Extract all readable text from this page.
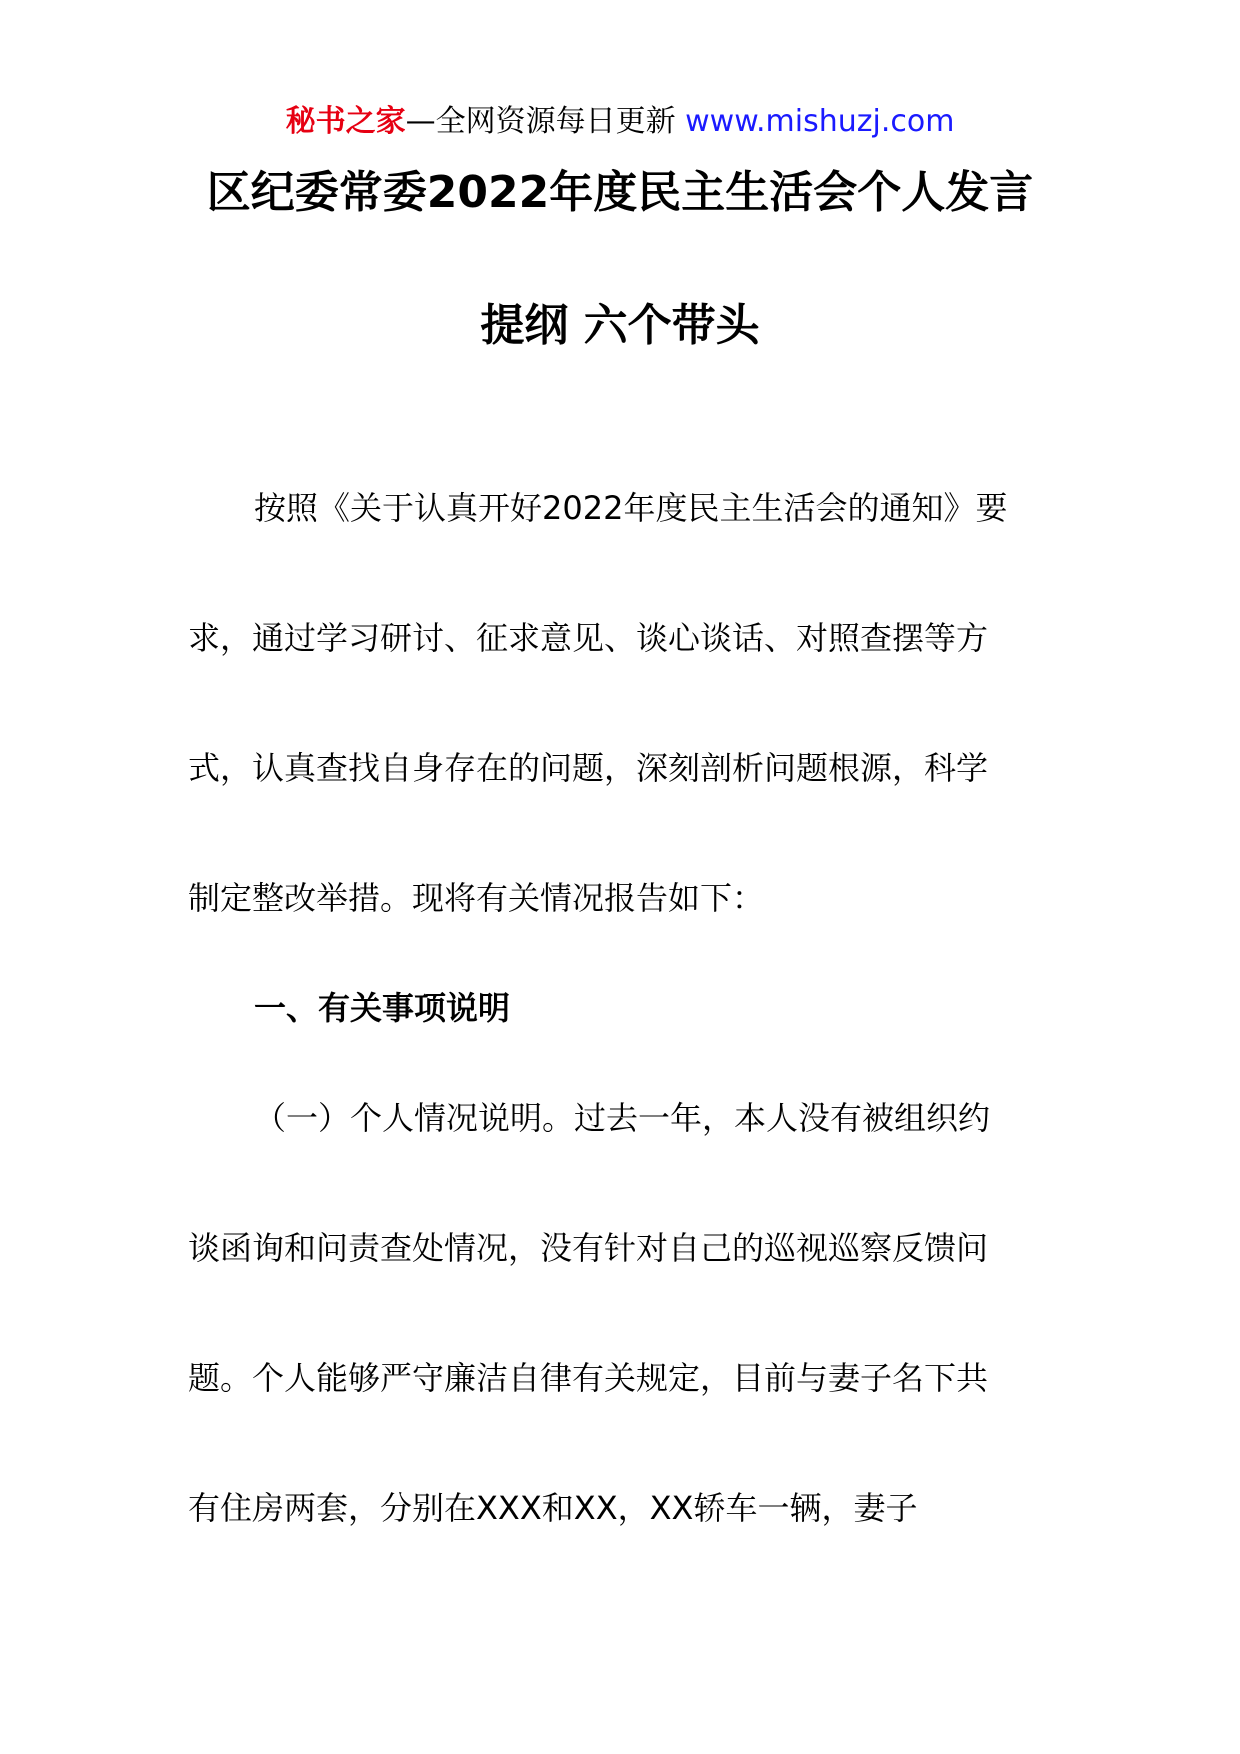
秘书之家—全网资源每日更新 www.mishuzj.com
区纪委常委2022年度民主生活会个人发言
提纲 六个带头
按照《关于认真开好2022年度民主生活会的通知》要
求，通过学习研讨、征求意见、谈心谈话、对照查摆等方
式，认真查找自身存在的问题，深刻剖析问题根源，科学
制定整改举措。现将有关情况报告如下：
一、有关事项说明
（一）个人情况说明。过去一年，本人没有被组织约
谈函询和问责查处情况，没有针对自己的巡视巡察反馈问
题。个人能够严守廉洁自律有关规定，目前与妻子名下共
有住房两套，分别在XXX和XX，XX轿车一辆，妻子
